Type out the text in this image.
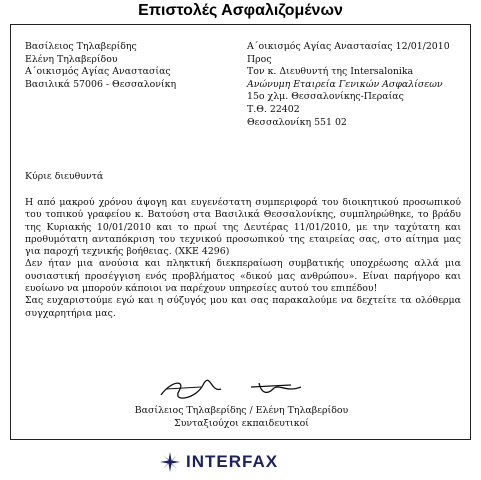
Επιστολές Ασφαλιζομένων
Βασίλειος Τηλαβερίδης
Ελένη Τηλαβερίδου
Α΄οικισμός Αγίας Αναστασίας
Βασιλικά 57006 - Θεσσαλονίκη
Α΄οικισμός Αγίας Αναστασίας 12/01/2010
Προς
Τον κ. Διευθυντή της Intersalonika
Ανώνυμη Εταιρεία Γενικών Ασφαλίσεων
15ο χλμ. Θεσσαλονίκης-Περαίας
Τ.Θ. 22402
Θεσσαλονίκη 551 02
Κύριε διευθυντά

Η από μακρού χρόνου άψογη και ευγενέστατη συμπεριφορά του διοικητικού προσωπικού του τοπικού γραφείου κ. Βατούση στα Βασιλικά Θεσσαλονίκης, συμπληρώθηκε, το βράδυ της Κυριακής 10/01/2010 και το πρωί της Δευτέρας 11/01/2010, με την ταχύτατη και προθυμότατη ανταπόκριση του τεχνικού προσωπικού της εταιρείας σας, στο αίτημα μας για παροχή τεχνικής βοήθειας. (ΧΚΕ 4296)

Δεν ήταν μια ανούσια και πληκτική διεκπεραίωση συμβατικής υποχρέωσης αλλά μια ουσιαστική προσέγγιση ενός προβλήματος «δικού μας ανθρώπου». Είναι παρήγορο και ευοίωνο να μπορούν κάποιοι να παρέχουν υπηρεσίες αυτού του επιπέδου!

Σας ευχαριστούμε εγώ και η σύζυγός μου και σας παρακαλούμε να δεχτείτε τα ολόθερμα συγχαρητήρια μας.

Βασίλειος Τηλαβερίδης / Ελένη Τηλαβερίδου
Συνταξιούχοι εκπαιδευτικοί
INTERFAX
